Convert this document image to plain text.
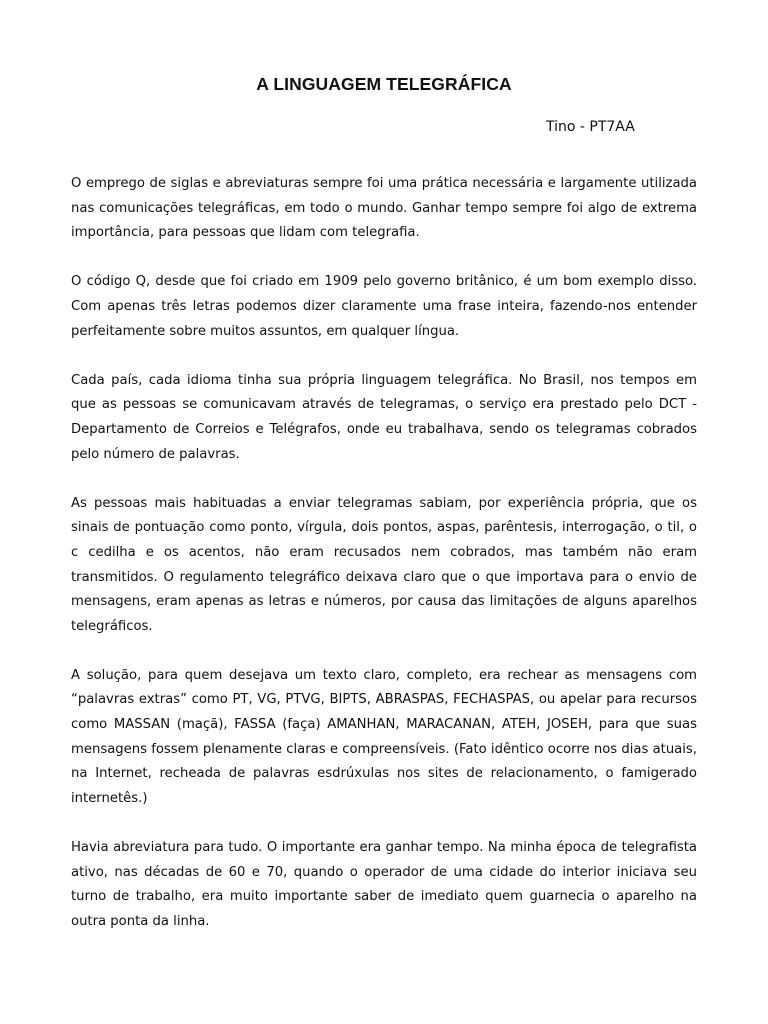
A LINGUAGEM TELEGRÁFICA

Tino - PT7AA

O emprego de siglas e abreviaturas sempre foi uma prática necessária e largamente utilizada nas comunicações telegráficas, em todo o mundo. Ganhar tempo sempre foi algo de extrema importância, para pessoas que lidam com telegrafia.

O código Q, desde que foi criado em 1909 pelo governo britânico, é um bom exemplo disso. Com apenas três letras podemos dizer claramente uma frase inteira, fazendo-nos entender perfeitamente sobre muitos assuntos, em qualquer língua.

Cada país, cada idioma tinha sua própria linguagem telegráfica. No Brasil, nos tempos em que as pessoas se comunicavam através de telegramas, o serviço era prestado pelo DCT - Departamento de Correios e Telégrafos, onde eu trabalhava, sendo os telegramas cobrados pelo número de palavras.

As pessoas mais habituadas a enviar telegramas sabiam, por experiência própria, que os sinais de pontuação como ponto, vírgula, dois pontos, aspas, parêntesis, interrogação, o til, o c cedilha e os acentos, não eram recusados nem cobrados, mas também não eram transmitidos. O regulamento telegráfico deixava claro que o que importava para o envio de mensagens, eram apenas as letras e números, por causa das limitações de alguns aparelhos telegráficos.

A solução, para quem desejava um texto claro, completo, era rechear as mensagens com “palavras extras” como PT, VG, PTVG, BIPTS, ABRASPAS, FECHASPAS, ou apelar para recursos como MASSAN (maçã), FASSA (faça) AMANHAN, MARACANAN, ATEH, JOSEH, para que suas mensagens fossem plenamente claras e compreensíveis. (Fato idêntico ocorre nos dias atuais, na Internet, recheada de palavras esdrúxulas nos sites de relacionamento, o famigerado internetês.)

Havia abreviatura para tudo. O importante era ganhar tempo. Na minha época de telegrafista ativo, nas décadas de 60 e 70, quando o operador de uma cidade do interior iniciava seu turno de trabalho, era muito importante saber de imediato quem guarnecia o aparelho na outra ponta da linha.
